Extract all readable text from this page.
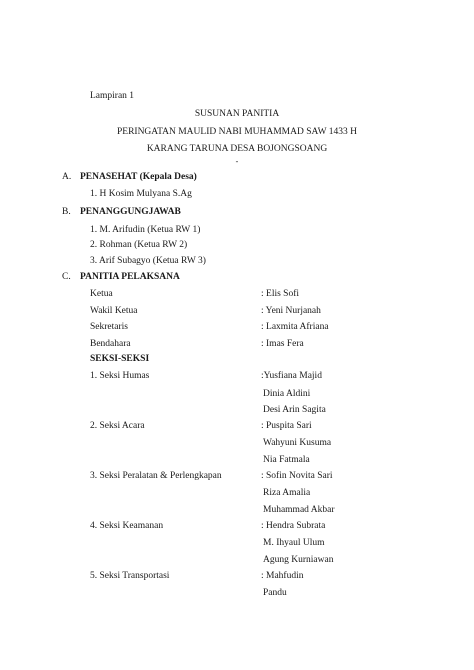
Lampiran 1
SUSUNAN PANITIA
PERINGATAN MAULID NABI MUHAMMAD SAW 1433 H
KARANG TARUNA DESA BOJONGSOANG
-
A. PENASEHAT (Kepala Desa)
1. H Kosim Mulyana S.Ag
B. PENANGGUNGJAWAB
1. M. Arifudin (Ketua RW 1)
2. Rohman (Ketua RW 2)
3. Arif Subagyo (Ketua RW 3)
C. PANITIA PELAKSANA
Ketua	: Elis Sofi
Wakil Ketua	: Yeni Nurjanah
Sekretaris	: Laxmita Afriana
Bendahara	: Imas Fera
SEKSI-SEKSI
1. Seksi Humas	:Yusfiana Majid
Dinia Aldini
Desi Arin Sagita
2. Seksi Acara	: Puspita Sari
Wahyuni Kusuma
Nia Fatmala
3. Seksi Peralatan & Perlengkapan	: Sofin Novita Sari
Riza Amalia
Muhammad Akbar
4. Seksi Keamanan	: Hendra Subrata
M. Ihyaul Ulum
Agung Kurniawan
5. Seksi Transportasi	: Mahfudin
Pandu
